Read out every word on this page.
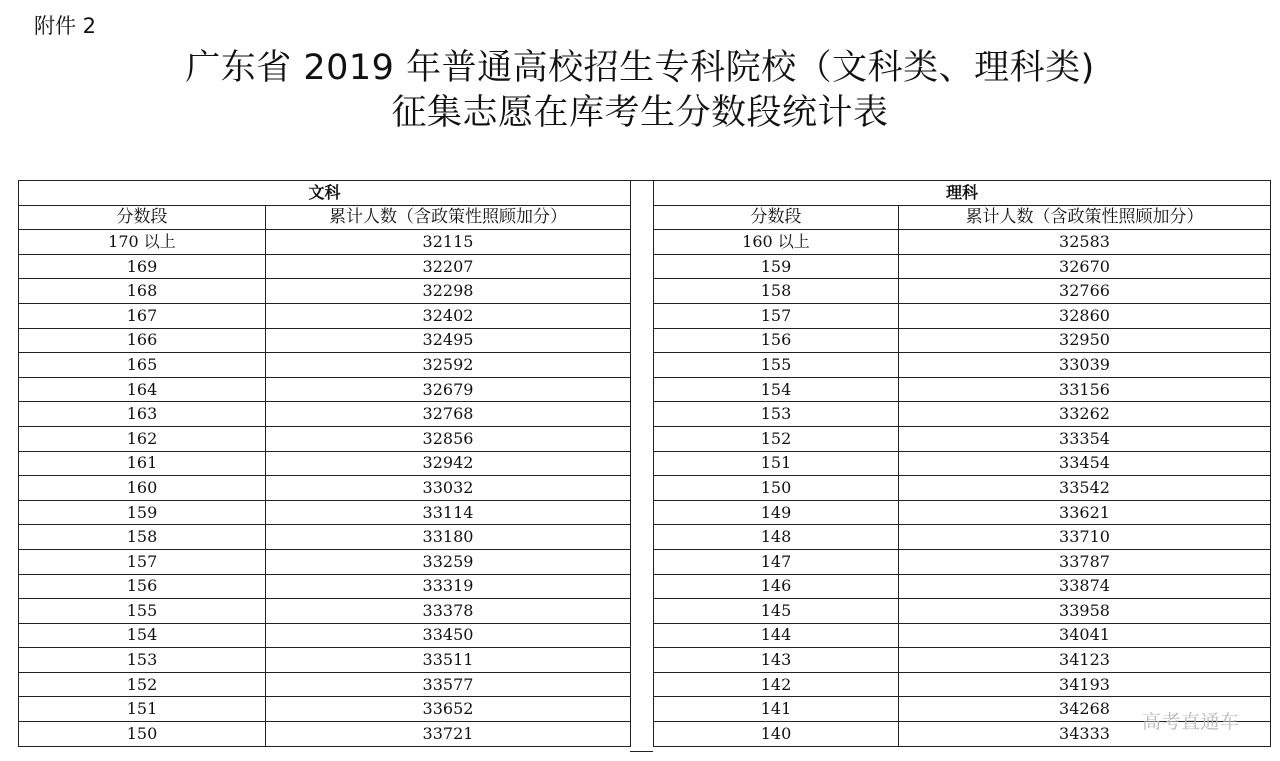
附件 2
广东省 2019 年普通高校招生专科院校（文科类、理科类)
征集志愿在库考生分数段统计表
文科	
分数段	累计人数（含政策性照顾加分）
170 以上	32115
169	32207
168	32298
167	32402
166	32495
165	32592
164	32679
163	32768
162	32856
161	32942
160	33032
159	33114
158	33180
157	33259
156	33319
155	33378
154	33450
153	33511
152	33577
151	33652
150	33721
理科	
分数段	累计人数（含政策性照顾加分）
160 以上	32583
159	32670
158	32766
157	32860
156	32950
155	33039
154	33156
153	33262
152	33354
151	33454
150	33542
149	33621
148	33710
147	33787
146	33874
145	33958
144	34041
143	34123
142	34193
141	34268
140	34333
高考直通车
